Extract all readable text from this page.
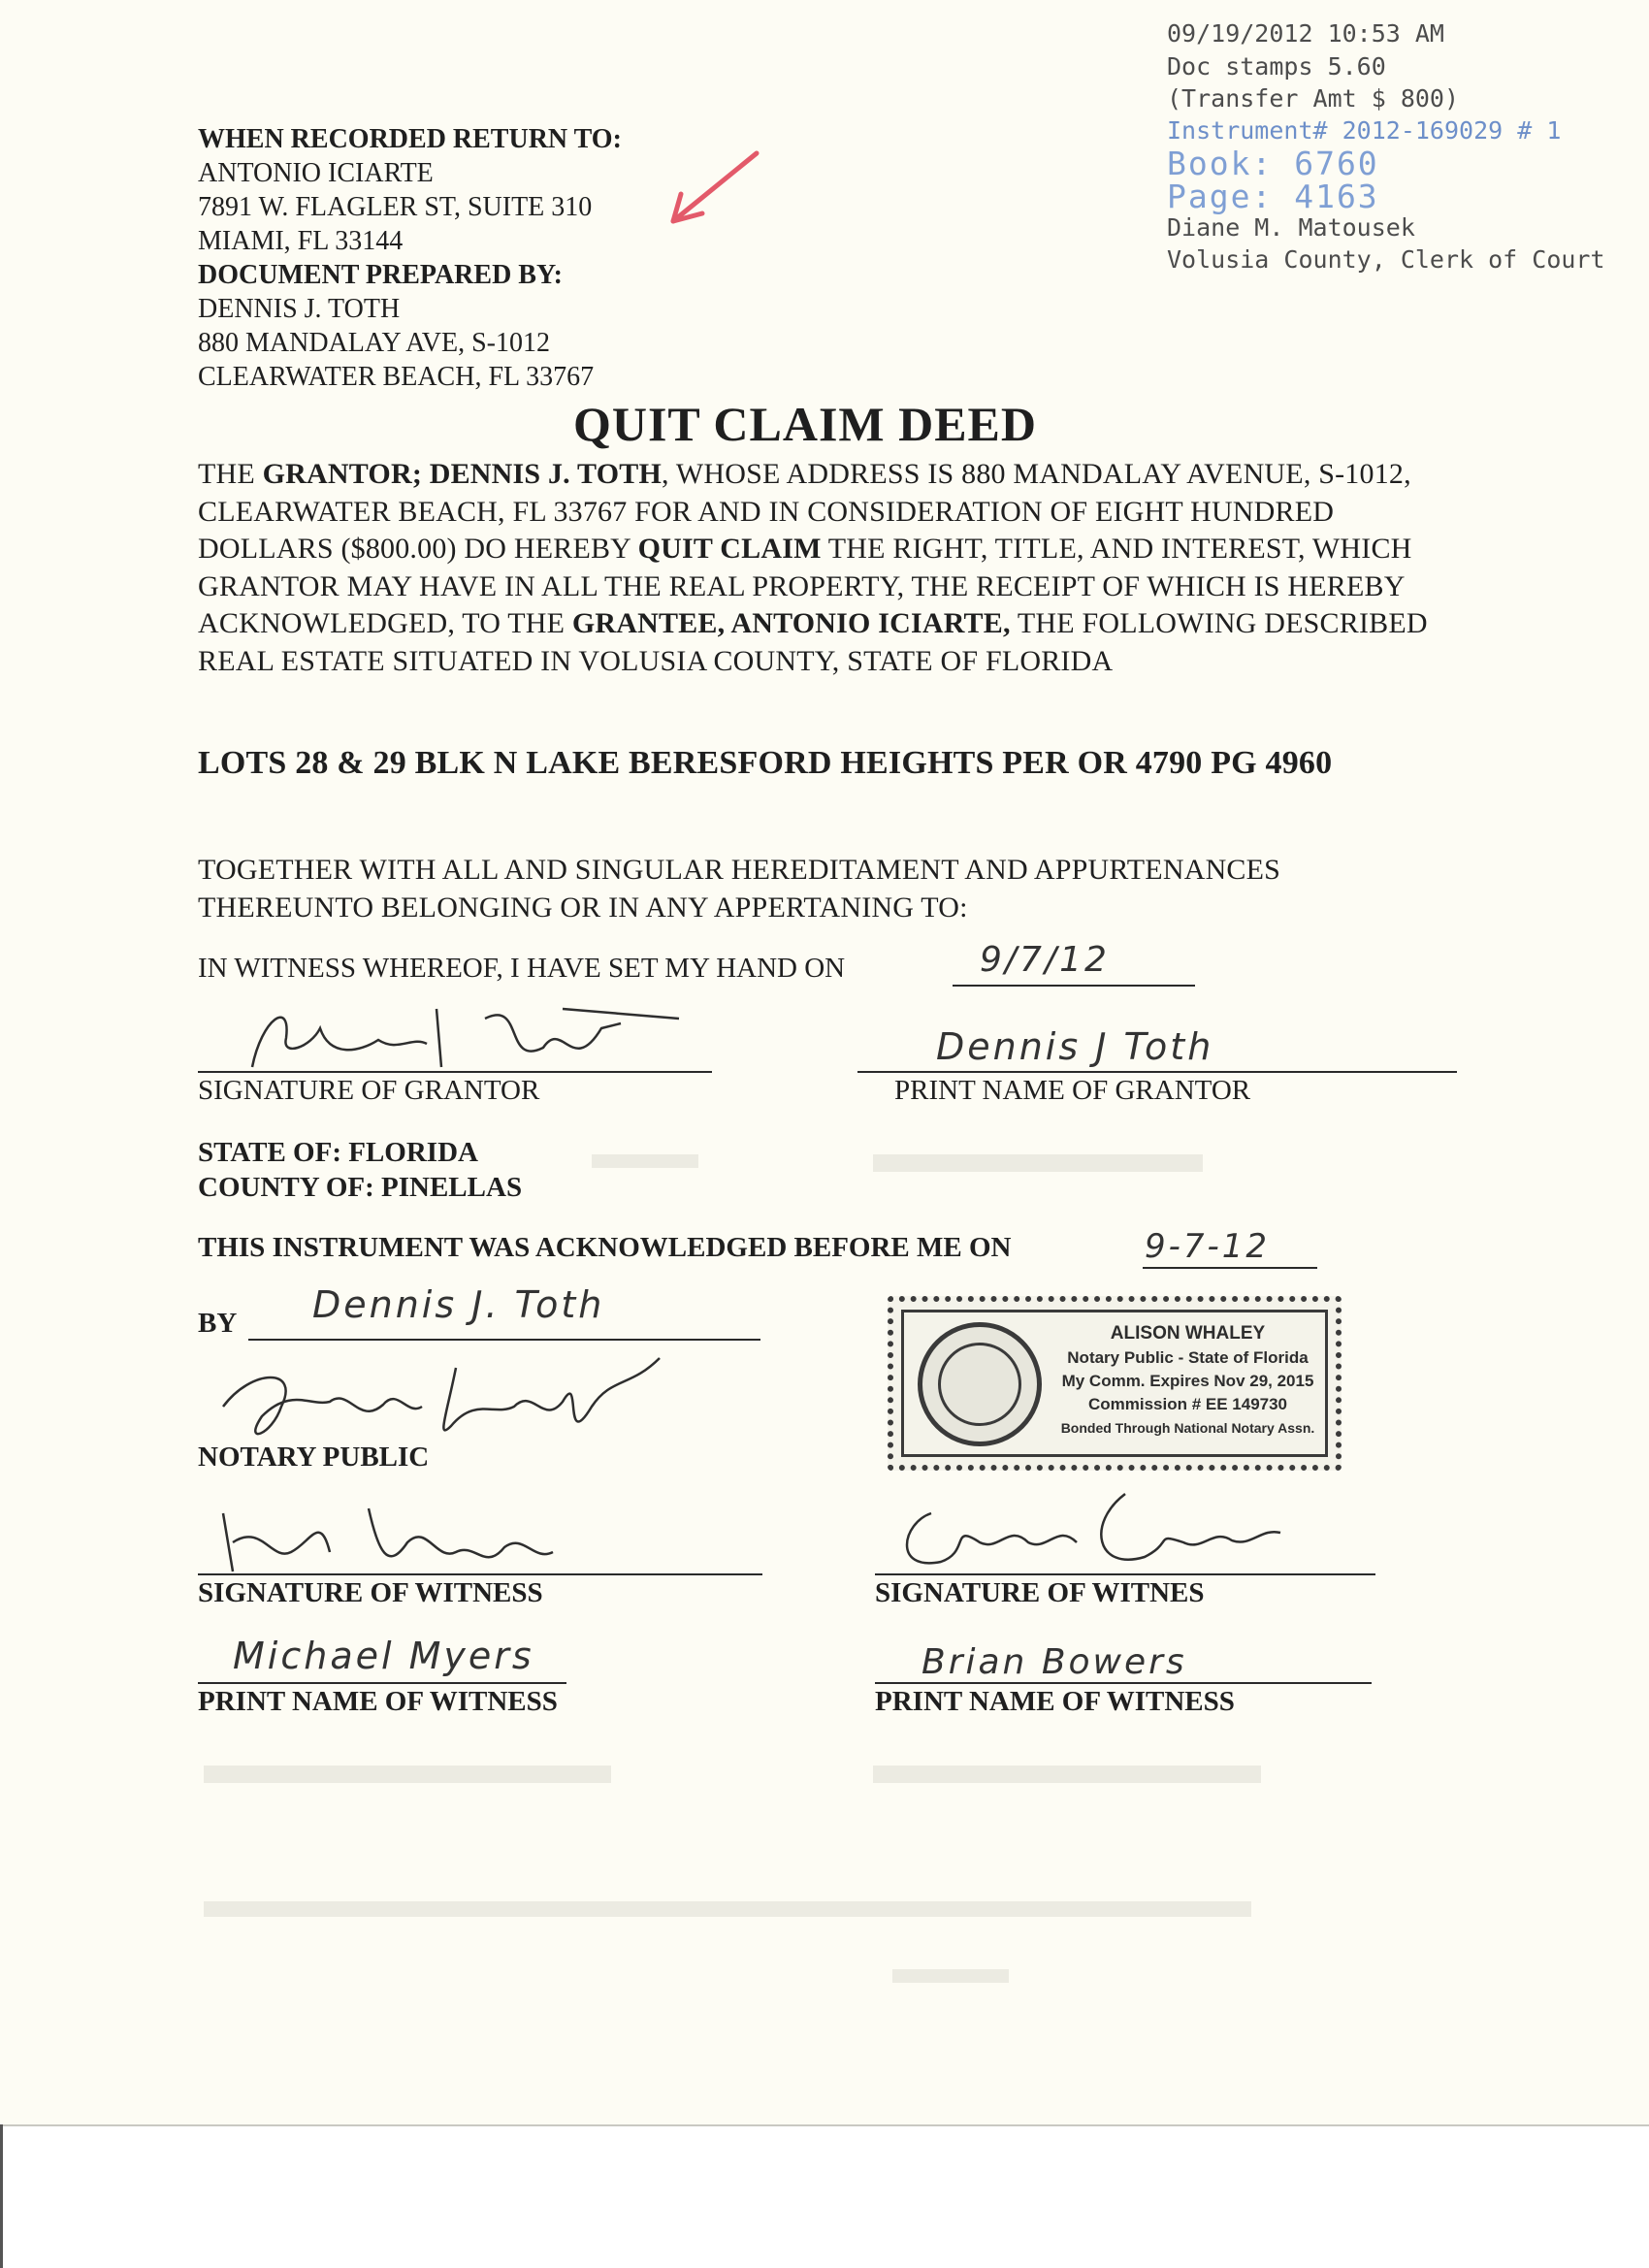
09/19/2012 10:53 AM
Doc stamps 5.60
(Transfer Amt $ 800)
Instrument# 2012-169029 # 1
Book: 6760
Page: 4163
Diane M. Matousek
Volusia County, Clerk of Court
WHEN RECORDED RETURN TO:
ANTONIO ICIARTE
7891 W. FLAGLER ST, SUITE 310
MIAMI, FL 33144
DOCUMENT PREPARED BY:
DENNIS J. TOTH
880 MANDALAY AVE, S-1012
CLEARWATER BEACH, FL 33767
QUIT CLAIM DEED
THE GRANTOR; DENNIS J. TOTH, WHOSE ADDRESS IS 880 MANDALAY AVENUE, S-1012, CLEARWATER BEACH, FL 33767 FOR AND IN CONSIDERATION OF EIGHT HUNDRED DOLLARS ($800.00) DO HEREBY QUIT CLAIM THE RIGHT, TITLE, AND INTEREST, WHICH GRANTOR MAY HAVE IN ALL THE REAL PROPERTY, THE RECEIPT OF WHICH IS HEREBY ACKNOWLEDGED, TO THE GRANTEE, ANTONIO ICIARTE, THE FOLLOWING DESCRIBED REAL ESTATE SITUATED IN VOLUSIA COUNTY, STATE OF FLORIDA
LOTS 28 & 29 BLK N LAKE BERESFORD HEIGHTS PER OR 4790 PG 4960
TOGETHER WITH ALL AND SINGULAR HEREDITAMENT AND APPURTENANCES THEREUNTO BELONGING OR IN ANY APPERTANING TO:
IN WITNESS WHEREOF, I HAVE SET MY HAND ON	9/7/12
SIGNATURE OF GRANTOR
Dennis J Toth
PRINT NAME OF GRANTOR
STATE OF: FLORIDA
COUNTY OF: PINELLAS
THIS INSTRUMENT WAS ACKNOWLEDGED BEFORE ME ON	9-7-12
BY Dennis J. Toth
NOTARY PUBLIC
ALISON WHALEY
Notary Public - State of Florida
My Comm. Expires Nov 29, 2015
Commission # EE 149730
Bonded Through National Notary Assn.
SIGNATURE OF WITNESS	SIGNATURE OF WITNES
Michael Myers
PRINT NAME OF WITNESS
Brian Bowers
PRINT NAME OF WITNESS
